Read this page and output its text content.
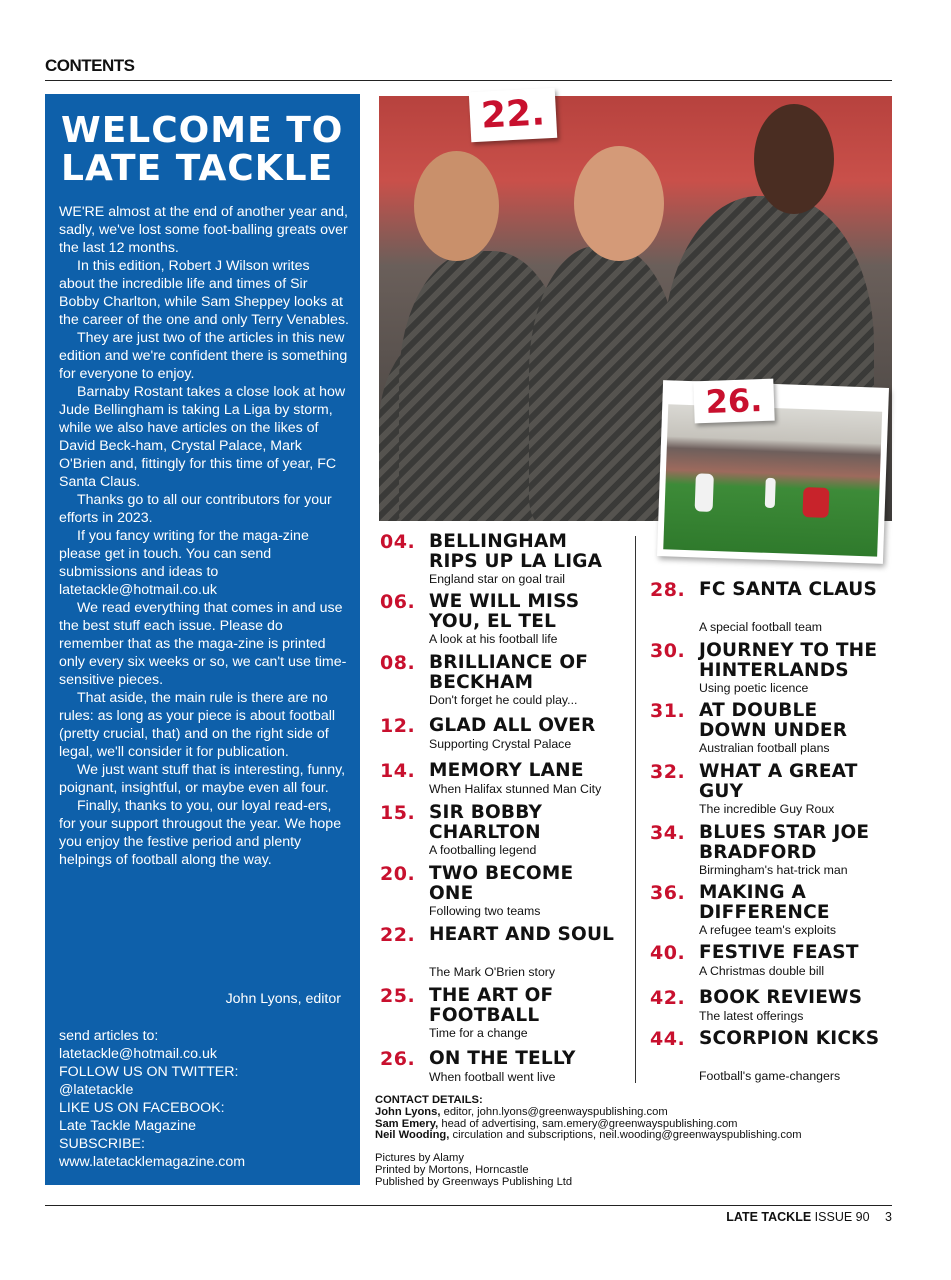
CONTENTS
WELCOME TO
LATE TACKLE

WE'RE almost at the end of another year and, sadly, we've lost some foot-balling greats over the last 12 months.

In this edition, Robert J Wilson writes about the incredible life and times of Sir Bobby Charlton, while Sam Sheppey looks at the career of the one and only Terry Venables.

They are just two of the articles in this new edition and we're confident there is something for everyone to enjoy.

Barnaby Rostant takes a close look at how Jude Bellingham is taking La Liga by storm, while we also have articles on the likes of David Beck-ham, Crystal Palace, Mark O'Brien and, fittingly for this time of year, FC Santa Claus.

Thanks go to all our contributors for your efforts in 2023.

If you fancy writing for the maga-zine please get in touch. You can send submissions and ideas to latetackle@hotmail.co.uk

We read everything that comes in and use the best stuff each issue. Please do remember that as the maga-zine is printed only every six weeks or so, we can't use time-sensitive pieces.

That aside, the main rule is there are no rules: as long as your piece is about football (pretty crucial, that) and on the right side of legal, we'll consider it for publication.

We just want stuff that is interesting, funny, poignant, insightful, or maybe even all four.

Finally, thanks to you, our loyal read-ers, for your support througout the year. We hope you enjoy the festive period and plenty helpings of football along the way.

John Lyons, editor
send articles to:
latetackle@hotmail.co.uk
FOLLOW US ON TWITTER:
@latetackle
LIKE US ON FACEBOOK:
Late Tackle Magazine
SUBSCRIBE:
www.latetacklemagazine.com
22.
26.
04. BELLINGHAM RIPS UP LA LIGA
England star on goal trail
06. WE WILL MISS YOU, EL TEL
A look at his football life
08. BRILLIANCE OF BECKHAM
Don't forget he could play...
12. GLAD ALL OVER
Supporting Crystal Palace
14. MEMORY LANE
When Halifax stunned Man City
15. SIR BOBBY CHARLTON
A footballing legend
20. TWO BECOME ONE
Following two teams
22. HEART AND SOUL
The Mark O'Brien story
25. THE ART OF FOOTBALL
Time for a change
26. ON THE TELLY
When football went live
28. FC SANTA CLAUS
A special football team
30. JOURNEY TO THE HINTERLANDS
Using poetic licence
31. AT DOUBLE DOWN UNDER
Australian football plans
32. WHAT A GREAT GUY
The incredible Guy Roux
34. BLUES STAR JOE BRADFORD
Birmingham's hat-trick man
36. MAKING A DIFFERENCE
A refugee team's exploits
40. FESTIVE FEAST
A Christmas double bill
42. BOOK REVIEWS
The latest offerings
44. SCORPION KICKS
Football's game-changers
CONTACT DETAILS:
John Lyons, editor, john.lyons@greenwayspublishing.com
Sam Emery, head of advertising, sam.emery@greenwayspublishing.com
Neil Wooding, circulation and subscriptions, neil.wooding@greenwayspublishing.com
Pictures by Alamy
Printed by Mortons, Horncastle
Published by Greenways Publishing Ltd
LATE TACKLE ISSUE 90 3
